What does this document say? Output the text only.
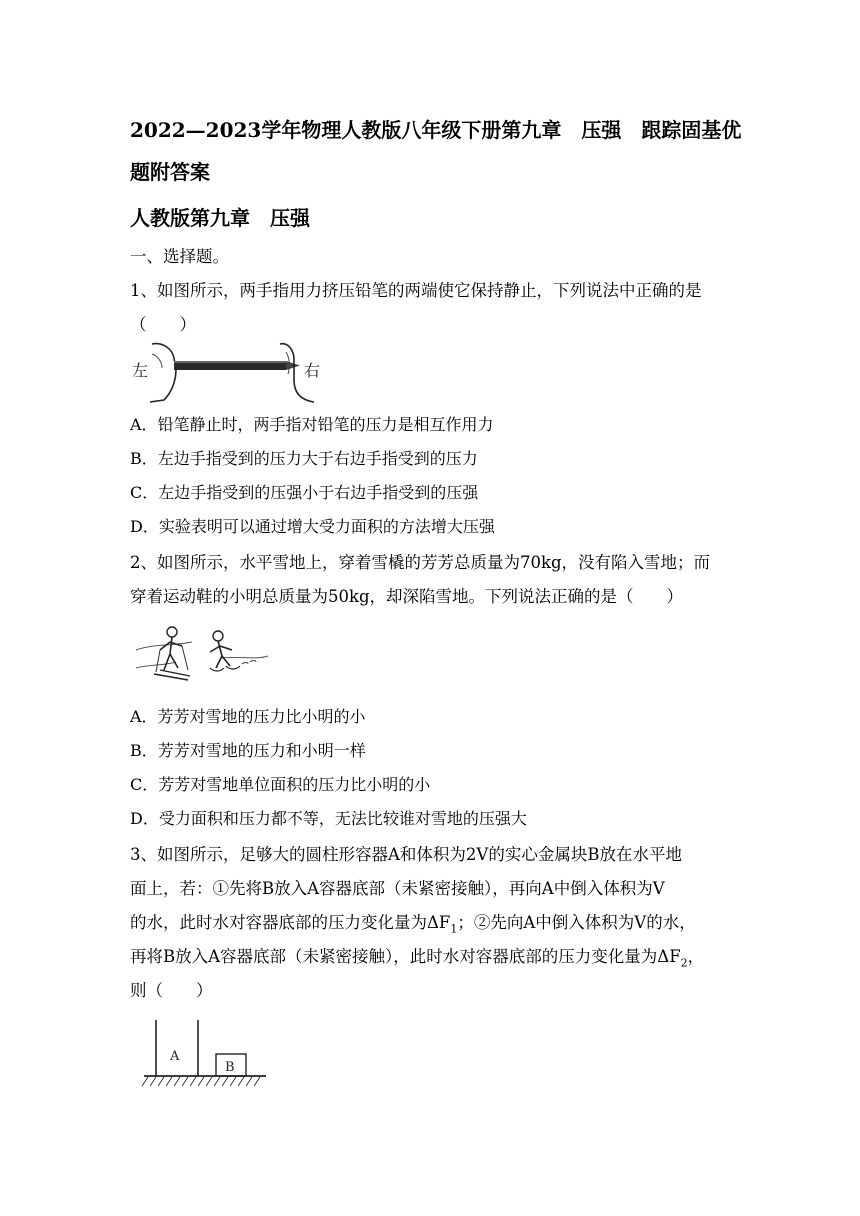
2022—2023学年物理人教版八年级下册第九章　压强　跟踪固基优
题附答案
人教版第九章　压强
一、选择题。
1、如图所示，两手指用力挤压铅笔的两端使它保持静止，下列说法中正确的是
（　　）
左	右
A．铅笔静止时，两手指对铅笔的压力是相互作用力
B．左边手指受到的压力大于右边手指受到的压力
C．左边手指受到的压强小于右边手指受到的压强
D．实验表明可以通过增大受力面积的方法增大压强
2、如图所示，水平雪地上，穿着雪橇的芳芳总质量为70kg，没有陷入雪地；而
穿着运动鞋的小明总质量为50kg，却深陷雪地。下列说法正确的是（　　）
A．芳芳对雪地的压力比小明的小
B．芳芳对雪地的压力和小明一样
C．芳芳对雪地单位面积的压力比小明的小
D．受力面积和压力都不等，无法比较谁对雪地的压强大
3、如图所示，足够大的圆柱形容器A和体积为2V的实心金属块B放在水平地
面上，若：①先将B放入A容器底部（未紧密接触），再向A中倒入体积为V
的水，此时水对容器底部的压力变化量为$\Delta F_1$；②先向A中倒入体积为V的水，
再将B放入A容器底部（未紧密接触），此时水对容器底部的压力变化量为$\Delta F_2$，
则（　　）
A
B
